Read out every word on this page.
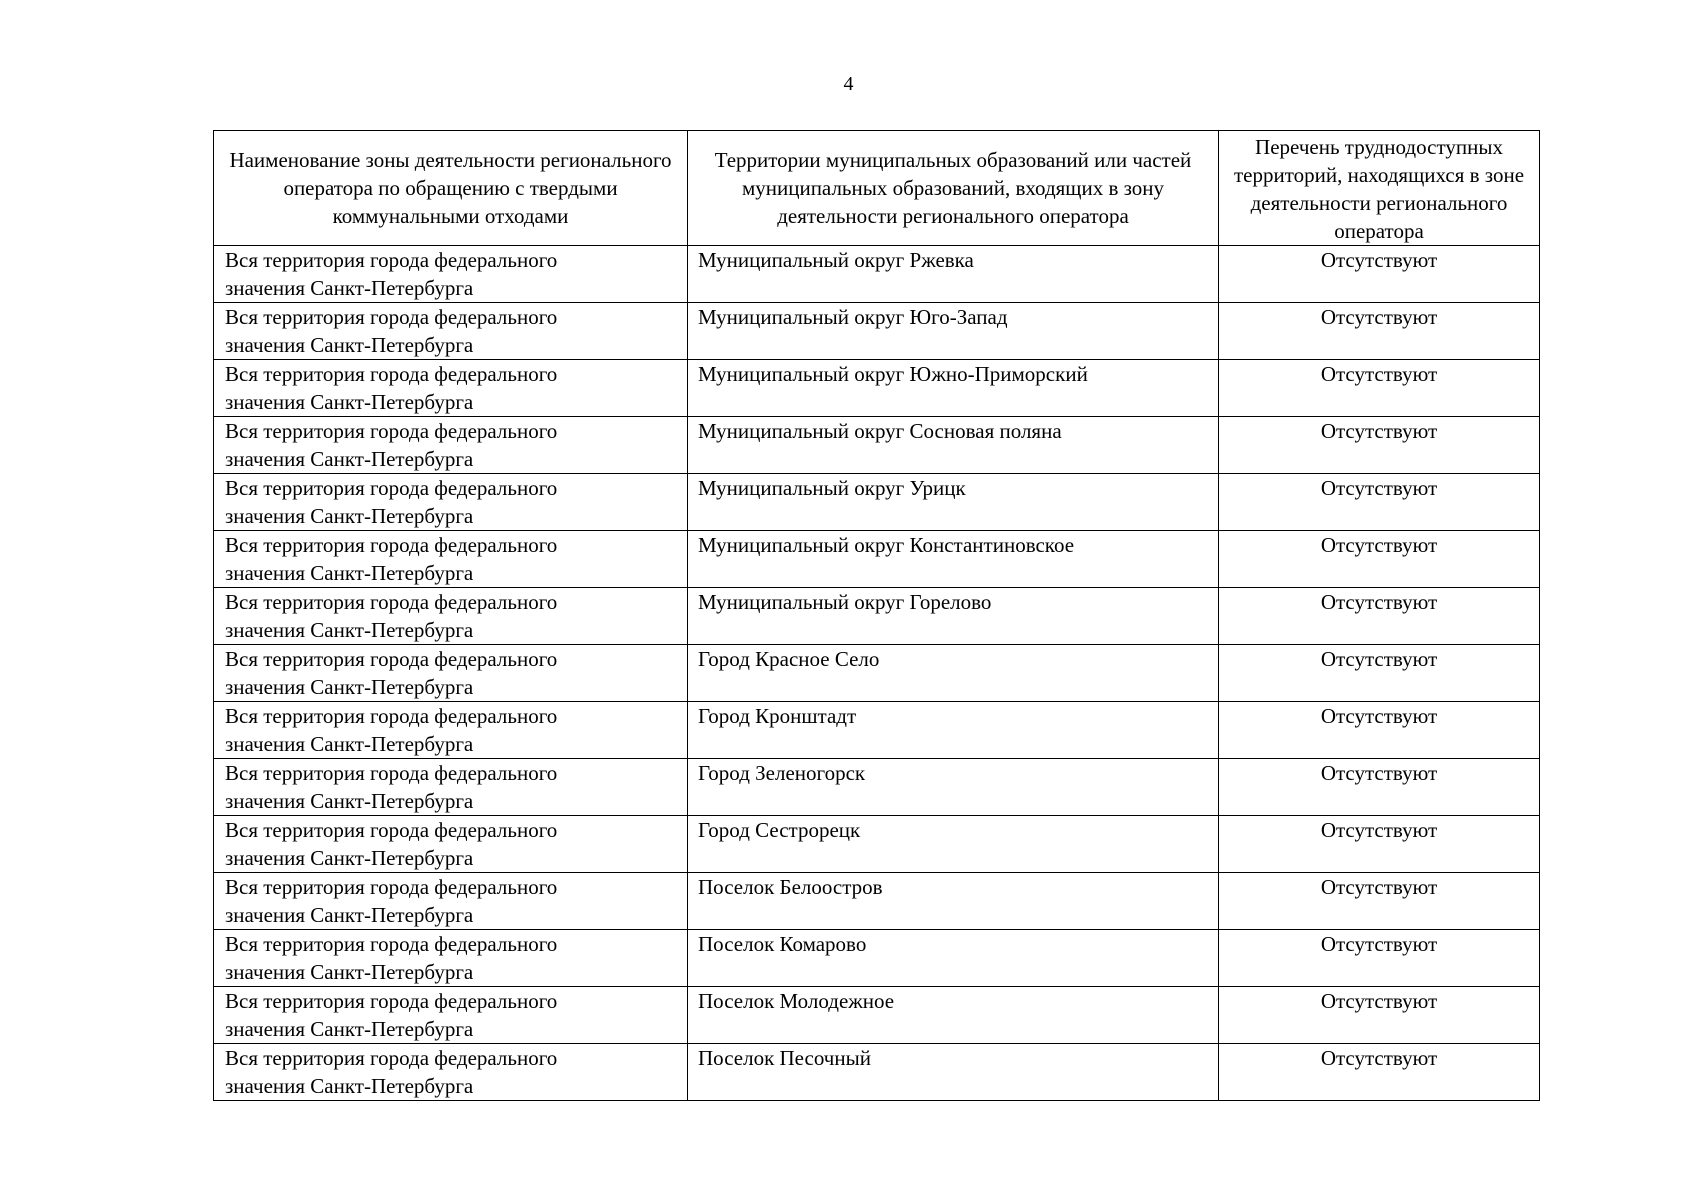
4
Наименование зоны деятельности регионального оператора по обращению с твердыми коммунальными отходами	Территории муниципальных образований или частей муниципальных образований, входящих в зону деятельности регионального оператора	Перечень труднодоступных территорий, находящихся в зоне деятельности регионального оператора
Вся территория города федерального
значения Санкт-Петербурга	Муниципальный округ Ржевка	Отсутствуют
Вся территория города федерального
значения Санкт-Петербурга	Муниципальный округ Юго-Запад	Отсутствуют
Вся территория города федерального
значения Санкт-Петербурга	Муниципальный округ Южно-Приморский	Отсутствуют
Вся территория города федерального
значения Санкт-Петербурга	Муниципальный округ Сосновая поляна	Отсутствуют
Вся территория города федерального
значения Санкт-Петербурга	Муниципальный округ Урицк	Отсутствуют
Вся территория города федерального
значения Санкт-Петербурга	Муниципальный округ Константиновское	Отсутствуют
Вся территория города федерального
значения Санкт-Петербурга	Муниципальный округ Горелово	Отсутствуют
Вся территория города федерального
значения Санкт-Петербурга	Город Красное Село	Отсутствуют
Вся территория города федерального
значения Санкт-Петербурга	Город Кронштадт	Отсутствуют
Вся территория города федерального
значения Санкт-Петербурга	Город Зеленогорск	Отсутствуют
Вся территория города федерального
значения Санкт-Петербурга	Город Сестрорецк	Отсутствуют
Вся территория города федерального
значения Санкт-Петербурга	Поселок Белоостров	Отсутствуют
Вся территория города федерального
значения Санкт-Петербурга	Поселок Комарово	Отсутствуют
Вся территория города федерального
значения Санкт-Петербурга	Поселок Молодежное	Отсутствуют
Вся территория города федерального
значения Санкт-Петербурга	Поселок Песочный	Отсутствуют
